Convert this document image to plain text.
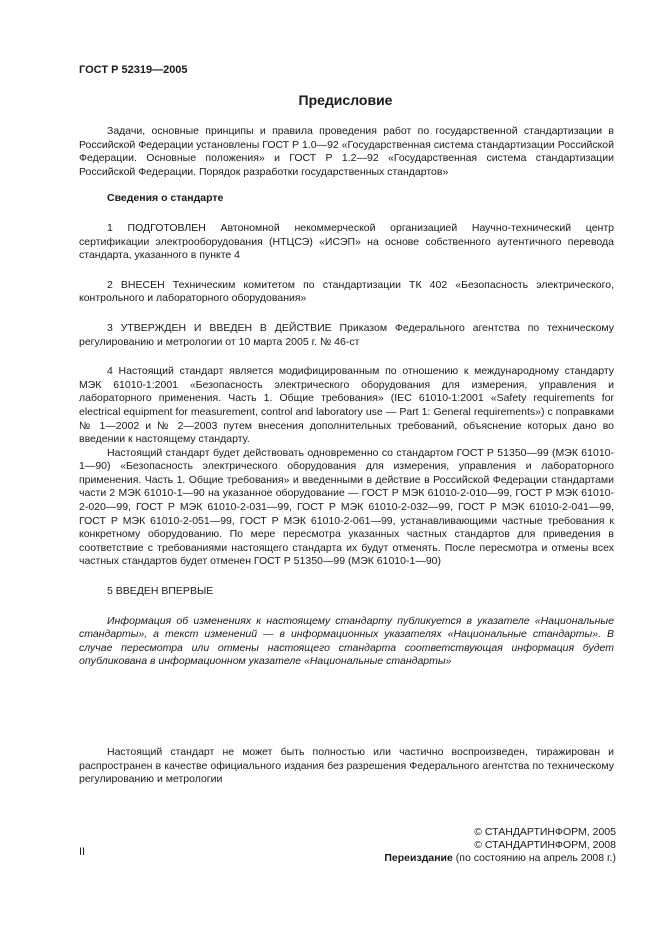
ГОСТ Р 52319—2005
Предисловие

Задачи, основные принципы и правила проведения работ по государственной стандартизации в Российской Федерации установлены ГОСТ Р 1.0—92 «Государственная система стандартизации Российской Федерации. Основные положения» и ГОСТ Р 1.2—92 «Государственная система стандартизации Российской Федерации. Порядок разработки государственных стандартов»

Сведения о стандарте

1 ПОДГОТОВЛЕН Автономной некоммерческой организацией Научно-технический центр сертификации электрооборудования (НТЦСЭ) «ИСЭП» на основе собственного аутентичного перевода стандарта, указанного в пункте 4

2 ВНЕСЕН Техническим комитетом по стандартизации ТК 402 «Безопасность электрического, контрольного и лабораторного оборудования»

3 УТВЕРЖДЕН И ВВЕДЕН В ДЕЙСТВИЕ Приказом Федерального агентства по техническому регулированию и метрологии от 10 марта 2005 г. № 46-ст

4 Настоящий стандарт является модифицированным по отношению к международному стандарту МЭК 61010-1:2001 «Безопасность электрического оборудования для измерения, управления и лабораторного применения. Часть 1. Общие требования» (IEC 61010-1:2001 «Safety requirements for electrical equipment for measurement, control and laboratory use — Part 1: General requirements») с поправками № 1—2002 и № 2—2003 путем внесения дополнительных требований, объяснение которых дано во введении к настоящему стандарту.

Настоящий стандарт будет действовать одновременно со стандартом ГОСТ Р 51350—99 (МЭК 61010-1—90) «Безопасность электрического оборудования для измерения, управления и лабораторного применения. Часть 1. Общие требования» и введенными в действие в Российской Федерации стандартами части 2 МЭК 61010-1—90 на указанное оборудование — ГОСТ Р МЭК 61010-2-010—99, ГОСТ Р МЭК 61010-2-020—99, ГОСТ Р МЭК 61010-2-031—99, ГОСТ Р МЭК 61010-2-032—99, ГОСТ Р МЭК 61010-2-041—99, ГОСТ Р МЭК 61010-2-051—99, ГОСТ Р МЭК 61010-2-061—99, устанавливающими частные требования к конкретному оборудованию. По мере пересмотра указанных частных стандартов для приведения в соответствие с требованиями настоящего стандарта их будут отменять. После пересмотра и отмены всех частных стандартов будет отменен ГОСТ Р 51350—99 (МЭК 61010-1—90)

5 ВВЕДЕН ВПЕРВЫЕ

Информация об изменениях к настоящему стандарту публикуется в указателе «Национальные стандарты», а текст изменений — в информационных указателях «Национальные стандарты». В случае пересмотра или отмены настоящего стандарта соответствующая информация будет опубликована в информационном указателе «Национальные стандарты»

Настоящий стандарт не может быть полностью или частично воспроизведен, тиражирован и распространен в качестве официального издания без разрешения Федерального агентства по техническому регулированию и метрологии

© СТАНДАРТИНФОРМ, 2005
© СТАНДАРТИНФОРМ, 2008
Переиздание (по состоянию на апрель 2008 г.)
II
